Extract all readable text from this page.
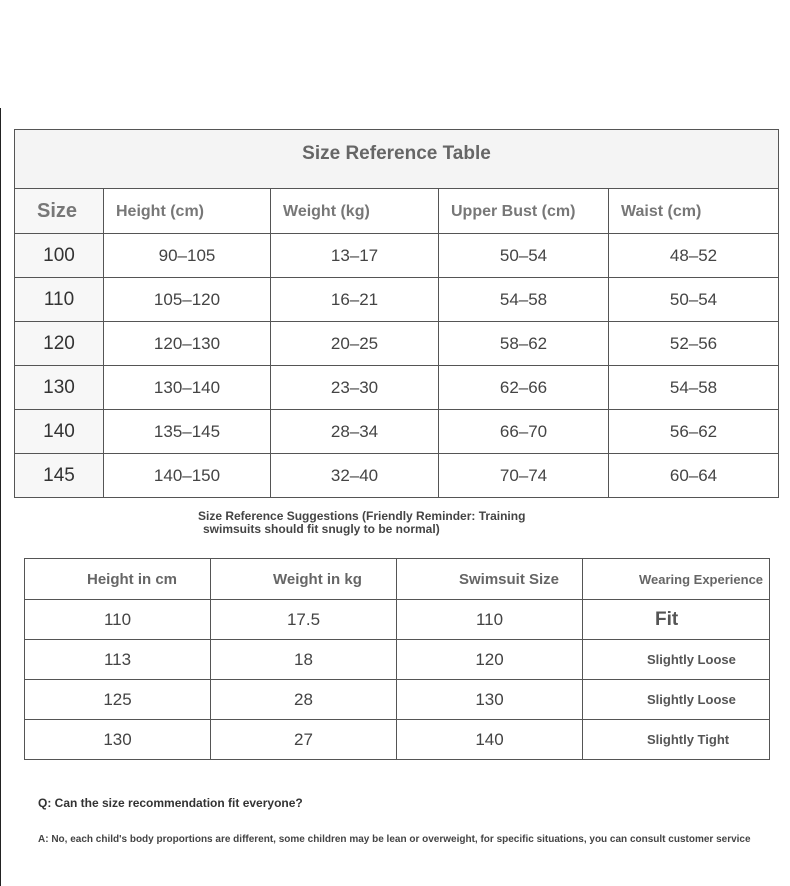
Size Reference Table				
Size	Height (cm)	Weight (kg)	Upper Bust (cm)	Waist (cm)
100	90–105	13–17	50–54	48–52
110	105–120	16–21	54–58	50–54
120	120–130	20–25	58–62	52–56
130	130–140	23–30	62–66	54–58
140	135–145	28–34	66–70	56–62
145	140–150	32–40	70–74	60–64
Size Reference Suggestions (Friendly Reminder: Training
swimsuits should fit snugly to be normal)
Height in cm	Weight in kg	Swimsuit Size	Wearing Experience
110	17.5	110	Fit
113	18	120	Slightly Loose
125	28	130	Slightly Loose
130	27	140	Slightly Tight
Q: Can the size recommendation fit everyone?
A: No, each child's body proportions are different, some children may be lean or overweight, for specific situations, you can consult customer service
